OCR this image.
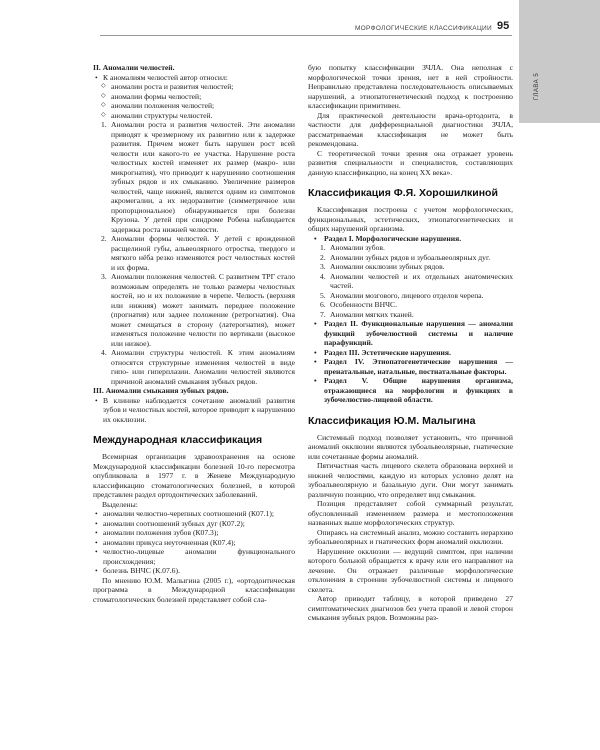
ГЛАВА 5
МОРФОЛОГИЧЕСКИЕ КЛАССИФИКАЦИИ 95

II. Аномалии челюстей.

• К аномалиям челюстей автор относил:
◇ аномалии роста и развития челюстей;
◇ аномалии формы челюстей;
◇ аномалии положения челюстей;
◇ аномалии структуры челюстей.
1. Аномалии роста и развития челюстей. Эти аномалии приводят к чрезмерному их развитию или к задержке развития. Причем может быть нарушен рост всей челюсти или какого-то ее участка. Нарушение роста челюстных костей изменяет их размер (макро- или микрогнатия), что приводит к нарушению соотношения зубных рядов и их смыканию. Увеличение размеров челюстей, чаще нижней, является одним из симптомов акромегалии, а их недоразвитие (симметричное или пропорциональное) обнаруживается при болезни Крузона. У детей при синдроме Робена наблюдается задержка роста нижней челюсти.
2. Аномалии формы челюстей. У детей с врожденной расщелиной губы, альвеолярного отростка, твердого и мягкого нёба резко изменяются рост челюстных костей и их форма.
3. Аномалии положения челюстей. С развитием ТРГ стало возможным определять не только размеры челюстных костей, но и их положение в черепе. Челюсть (верхняя или нижняя) может занимать переднее положение (прогнатия) или заднее положение (ретрогнатия). Она может смещаться в сторону (латерогнатия), может изменяться положение челюсти по вертикали (высокое или низкое).
4. Аномалии структуры челюстей. К этим аномалиям относятся структурные изменения челюстей в виде гипо- или гиперплазии. Аномалии челюстей являются причиной аномалий смыкания зубных рядов.

III. Аномалии смыкания зубных рядов.

• В клинике наблюдается сочетание аномалий развития зубов и челюстных костей, которое приводит к нарушению их окклюзии.
Международная классификация

Всемирная организация здравоохранения на основе Международной классификации болезней 10-го пересмотра опубликовала в 1977 г. в Женеве Международную классификацию стоматологических болезней, в которой представлен раздел ортодонтических заболеваний.

Выделены:

• аномалии челюстно-черепных соотношений (К07.1);
• аномалии соотношений зубных дуг (К07.2);
• аномалии положения зубов (К07.3);
• аномалии прикуса неуточненная (К07.4);
• челюстно-лицевые аномалии функционального происхождения;
• болезнь ВНЧС (К.07.6).

По мнению Ю.М. Малыгина (2005 г.), «ортодонтическая программа в Международной классификации стоматологических болезней представляет собой сла-

бую попытку классификации ЗЧЛА. Она неполная с морфологической точки зрения, нет в ней стройности. Неправильно представлена последовательность описываемых нарушений, а этиопатогенетический подход к построению классификации примитивен.

Для практической деятельности врача-ортодонта, в частности для дифференциальной диагностики ЗЧЛА, рассматриваемая классификация не может быть рекомендована.

С теоретической точки зрения она отражает уровень развития специальности и специалистов, составляющих данную классификацию, на конец XX века».

Классификация Ф.Я. Хорошилкиной

Классификация построена с учетом морфологических, функциональных, эстетических, этиопатогенетических и общих нарушений организма.

• Раздел I. Морфологические нарушения.
1. Аномалии зубов.
2. Аномалии зубных рядов и зубоальвеолярных дуг.
3. Аномалии окклюзии зубных рядов.
4. Аномалии челюстей и их отдельных анатомических частей.
5. Аномалии мозгового, лицевого отделов черепа.
6. Особенности ВНЧС.
7. Аномалии мягких тканей.
• Раздел II. Функциональные нарушения — аномалии функций зубочелюстной системы и наличие парафункций.
• Раздел III. Эстетические нарушения.
• Раздел IV. Этиопатогенетические нарушения — пренатальные, натальные, постнатальные факторы.
• Раздел V. Общие нарушения организма, отражающиеся на морфологии и функциях в зубочелюстно-лицевой области.
Классификация Ю.М. Малыгина

Системный подход позволяет установить, что причиной аномалий окклюзии являются зубоальвеолярные, гнатические или сочетанные формы аномалий.

Пятичастная часть лицевого скелета образована верхней и нижней челюстями, каждую из которых условно делят на зубоальвеолярную и базальную дуги. Они могут занимать различную позицию, что определяет вид смыкания.

Позиция представляет собой суммарный результат, обусловленный изменением размера и местоположения названных выше морфологических структур.

Опираясь на системный анализ, можно составить иерархию зубоальвеолярных и гнатических форм аномалий окклюзии.

Нарушение окклюзии — ведущий симптом, при наличии которого больной обращается к врачу или его направляют на лечение. Он отражает различные морфологические отклонения в строении зубочелюстной системы и лицевого скелета.

Автор приводит таблицу, в которой приведено 27 симптоматических диагнозов без учета правой и левой сторон смыкания зубных рядов. Возможны раз-
